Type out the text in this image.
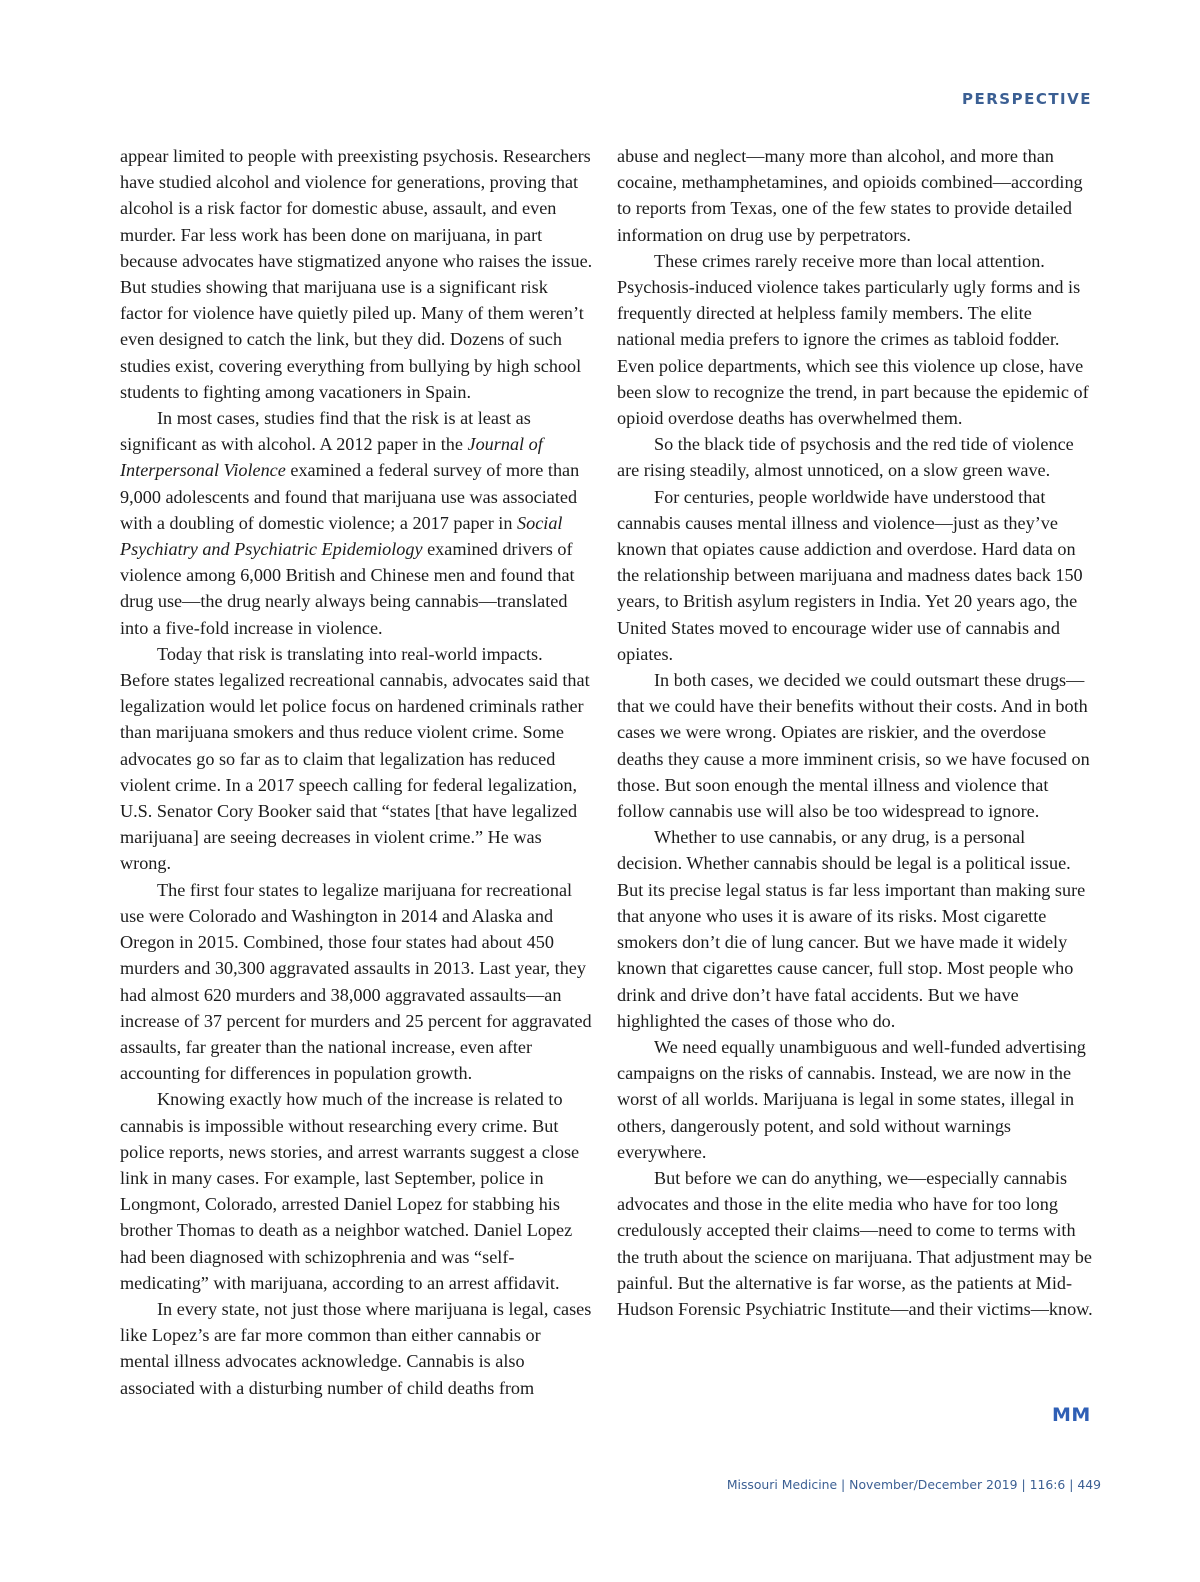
PERSPECTIVE

appear limited to people with preexisting psychosis. Researchers have studied alcohol and violence for generations, proving that alcohol is a risk factor for domestic abuse, assault, and even murder. Far less work has been done on marijuana, in part because advocates have stigmatized anyone who raises the issue. But studies showing that marijuana use is a significant risk factor for violence have quietly piled up. Many of them weren’t even designed to catch the link, but they did. Dozens of such studies exist, covering everything from bullying by high school students to fighting among vacationers in Spain.

In most cases, studies find that the risk is at least as significant as with alcohol. A 2012 paper in the Journal of Interpersonal Violence examined a federal survey of more than 9,000 adolescents and found that marijuana use was associated with a doubling of domestic violence; a 2017 paper in Social Psychiatry and Psychiatric Epidemiology examined drivers of violence among 6,000 British and Chinese men and found that drug use—the drug nearly always being cannabis—translated into a five-fold increase in violence.

Today that risk is translating into real-world impacts. Before states legalized recreational cannabis, advocates said that legalization would let police focus on hardened criminals rather than marijuana smokers and thus reduce violent crime. Some advocates go so far as to claim that legalization has reduced violent crime. In a 2017 speech calling for federal legalization, U.S. Senator Cory Booker said that “states [that have legalized marijuana] are seeing decreases in violent crime.” He was wrong.

The first four states to legalize marijuana for recreational use were Colorado and Washington in 2014 and Alaska and Oregon in 2015. Combined, those four states had about 450 murders and 30,300 aggravated assaults in 2013. Last year, they had almost 620 murders and 38,000 aggravated assaults—an increase of 37 percent for murders and 25 percent for aggravated assaults, far greater than the national increase, even after accounting for differences in population growth.

Knowing exactly how much of the increase is related to cannabis is impossible without researching every crime. But police reports, news stories, and arrest warrants suggest a close link in many cases. For example, last September, police in Longmont, Colorado, arrested Daniel Lopez for stabbing his brother Thomas to death as a neighbor watched. Daniel Lopez had been diagnosed with schizophrenia and was “self-medicating” with marijuana, according to an arrest affidavit.

In every state, not just those where marijuana is legal, cases like Lopez’s are far more common than either cannabis or mental illness advocates acknowledge. Cannabis is also associated with a disturbing number of child deaths from

abuse and neglect—many more than alcohol, and more than cocaine, methamphetamines, and opioids combined—according to reports from Texas, one of the few states to provide detailed information on drug use by perpetrators.

These crimes rarely receive more than local attention. Psychosis-induced violence takes particularly ugly forms and is frequently directed at helpless family members. The elite national media prefers to ignore the crimes as tabloid fodder. Even police departments, which see this violence up close, have been slow to recognize the trend, in part because the epidemic of opioid overdose deaths has overwhelmed them.

So the black tide of psychosis and the red tide of violence are rising steadily, almost unnoticed, on a slow green wave.

For centuries, people worldwide have understood that cannabis causes mental illness and violence—just as they’ve known that opiates cause addiction and overdose. Hard data on the relationship between marijuana and madness dates back 150 years, to British asylum registers in India. Yet 20 years ago, the United States moved to encourage wider use of cannabis and opiates.

In both cases, we decided we could outsmart these drugs—that we could have their benefits without their costs. And in both cases we were wrong. Opiates are riskier, and the overdose deaths they cause a more imminent crisis, so we have focused on those. But soon enough the mental illness and violence that follow cannabis use will also be too widespread to ignore.

Whether to use cannabis, or any drug, is a personal decision. Whether cannabis should be legal is a political issue. But its precise legal status is far less important than making sure that anyone who uses it is aware of its risks. Most cigarette smokers don’t die of lung cancer. But we have made it widely known that cigarettes cause cancer, full stop. Most people who drink and drive don’t have fatal accidents. But we have highlighted the cases of those who do.

We need equally unambiguous and well-funded advertising campaigns on the risks of cannabis. Instead, we are now in the worst of all worlds. Marijuana is legal in some states, illegal in others, dangerously potent, and sold without warnings everywhere.

But before we can do anything, we—especially cannabis advocates and those in the elite media who have for too long credulously accepted their claims—need to come to terms with the truth about the science on marijuana. That adjustment may be painful. But the alternative is far worse, as the patients at Mid-Hudson Forensic Psychiatric Institute—and their victims—know.

MM
Missouri Medicine | November/December 2019 | 116:6 | 449
